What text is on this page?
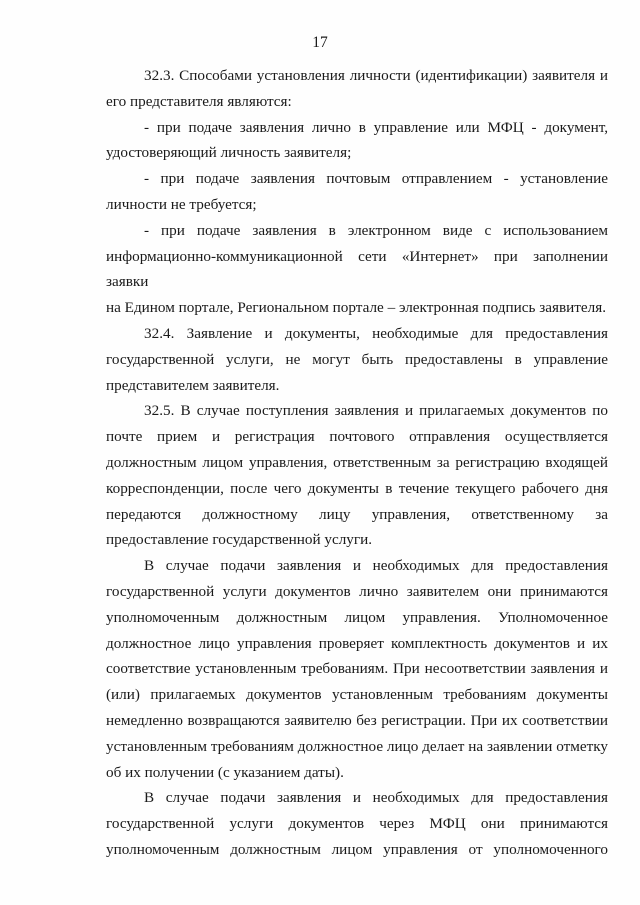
17

32.3. Способами установления личности (идентификации) заявителя и
его представителя являются:

- при подаче заявления лично в управление или МФЦ - документ,
удостоверяющий личность заявителя;

- при подаче заявления почтовым отправлением - установление
личности не требуется;

- при подаче заявления в электронном виде с использованием
информационно-коммуникационной сети «Интернет» при заполнении заявки
на Едином портале, Региональном портале – электронная подпись заявителя.

32.4. Заявление и документы, необходимые для предоставления
государственной услуги, не могут быть предоставлены в управление
представителем заявителя.

32.5. В случае поступления заявления и прилагаемых документов по
почте прием и регистрация почтового отправления осуществляется
должностным лицом управления, ответственным за регистрацию входящей
корреспонденции, после чего документы в течение текущего рабочего дня
передаются должностному лицу управления, ответственному за
предоставление государственной услуги.

В случае подачи заявления и необходимых для предоставления
государственной услуги документов лично заявителем они принимаются
уполномоченным должностным лицом управления. Уполномоченное
должностное лицо управления проверяет комплектность документов и их
соответствие установленным требованиям. При несоответствии заявления и
(или) прилагаемых документов установленным требованиям документы
немедленно возвращаются заявителю без регистрации. При их соответствии
установленным требованиям должностное лицо делает на заявлении отметку
об их получении (с указанием даты).

В случае подачи заявления и необходимых для предоставления
государственной услуги документов через МФЦ они принимаются
уполномоченным должностным лицом управления от уполномоченного
